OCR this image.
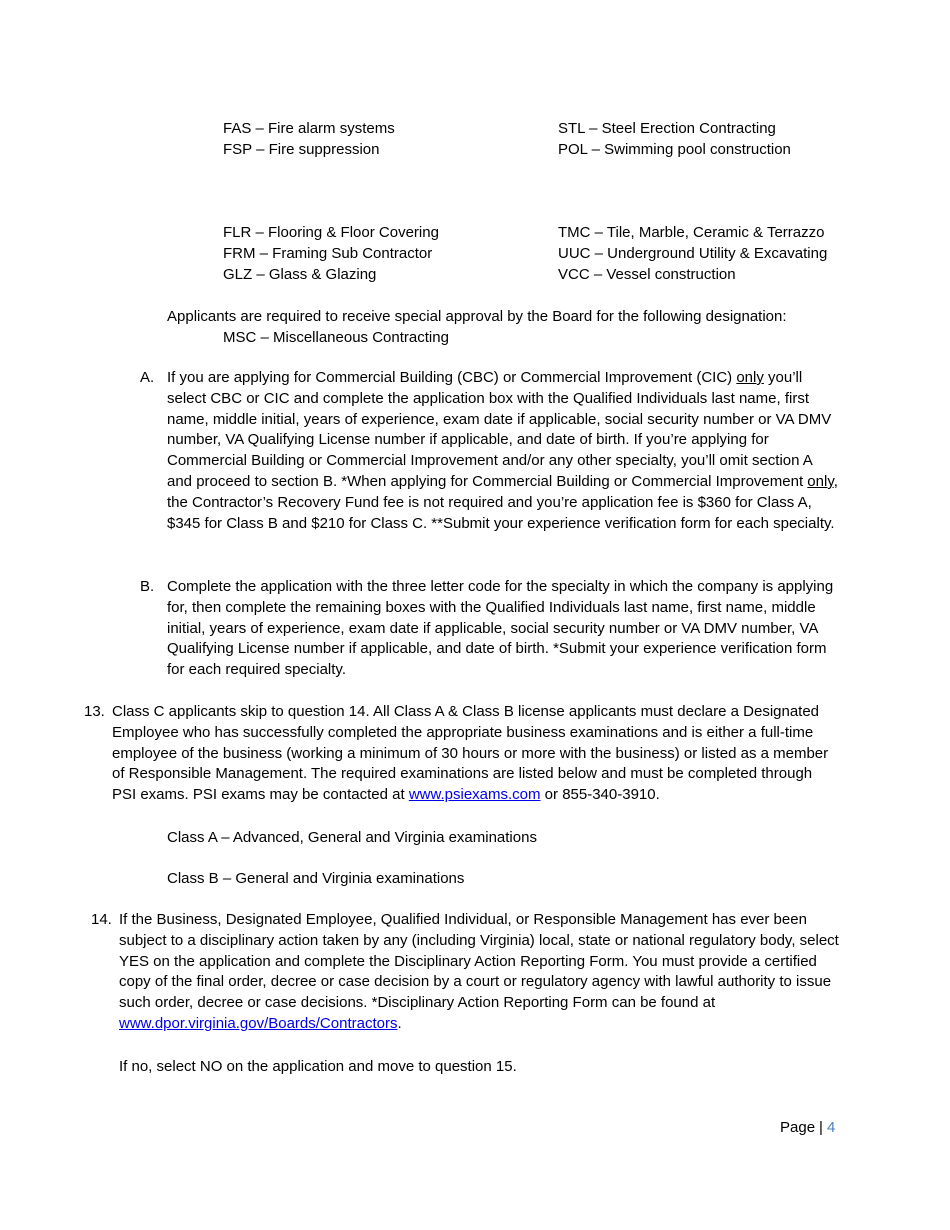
FAS – Fire alarm systems
FSP – Fire suppression
STL – Steel Erection Contracting
POL – Swimming pool construction
FLR – Flooring & Floor Covering
FRM – Framing Sub Contractor
GLZ – Glass & Glazing
TMC – Tile, Marble, Ceramic & Terrazzo
UUC – Underground Utility & Excavating
VCC – Vessel construction
Applicants are required to receive special approval by the Board for the following designation:
MSC – Miscellaneous Contracting
A. If you are applying for Commercial Building (CBC) or Commercial Improvement (CIC) only you’ll select CBC or CIC and complete the application box with the Qualified Individuals last name, first name, middle initial, years of experience, exam date if applicable, social security number or VA DMV number, VA Qualifying License number if applicable, and date of birth. If you’re applying for Commercial Building or Commercial Improvement and/or any other specialty, you’ll omit section A and proceed to section B. *When applying for Commercial Building or Commercial Improvement only, the Contractor’s Recovery Fund fee is not required and you’re application fee is $360 for Class A, $345 for Class B and $210 for Class C. **Submit your experience verification form for each specialty.

B. Complete the application with the three letter code for the specialty in which the company is applying for, then complete the remaining boxes with the Qualified Individuals last name, first name, middle initial, years of experience, exam date if applicable, social security number or VA DMV number, VA Qualifying License number if applicable, and date of birth. *Submit your experience verification form for each required specialty.

13. Class C applicants skip to question 14. All Class A & Class B license applicants must declare a Designated Employee who has successfully completed the appropriate business examinations and is either a full-time employee of the business (working a minimum of 30 hours or more with the business) or listed as a member of Responsible Management. The required examinations are listed below and must be completed through PSI exams. PSI exams may be contacted at www.psiexams.com or 855-340-3910.

Class A – Advanced, General and Virginia examinations
Class B – General and Virginia examinations
14. If the Business, Designated Employee, Qualified Individual, or Responsible Management has ever been subject to a disciplinary action taken by any (including Virginia) local, state or national regulatory body, select YES on the application and complete the Disciplinary Action Reporting Form. You must provide a certified copy of the final order, decree or case decision by a court or regulatory agency with lawful authority to issue such order, decree or case decisions. *Disciplinary Action Reporting Form can be found at www.dpor.virginia.gov/Boards/Contractors.

If no, select NO on the application and move to question 15.
Page | 4
